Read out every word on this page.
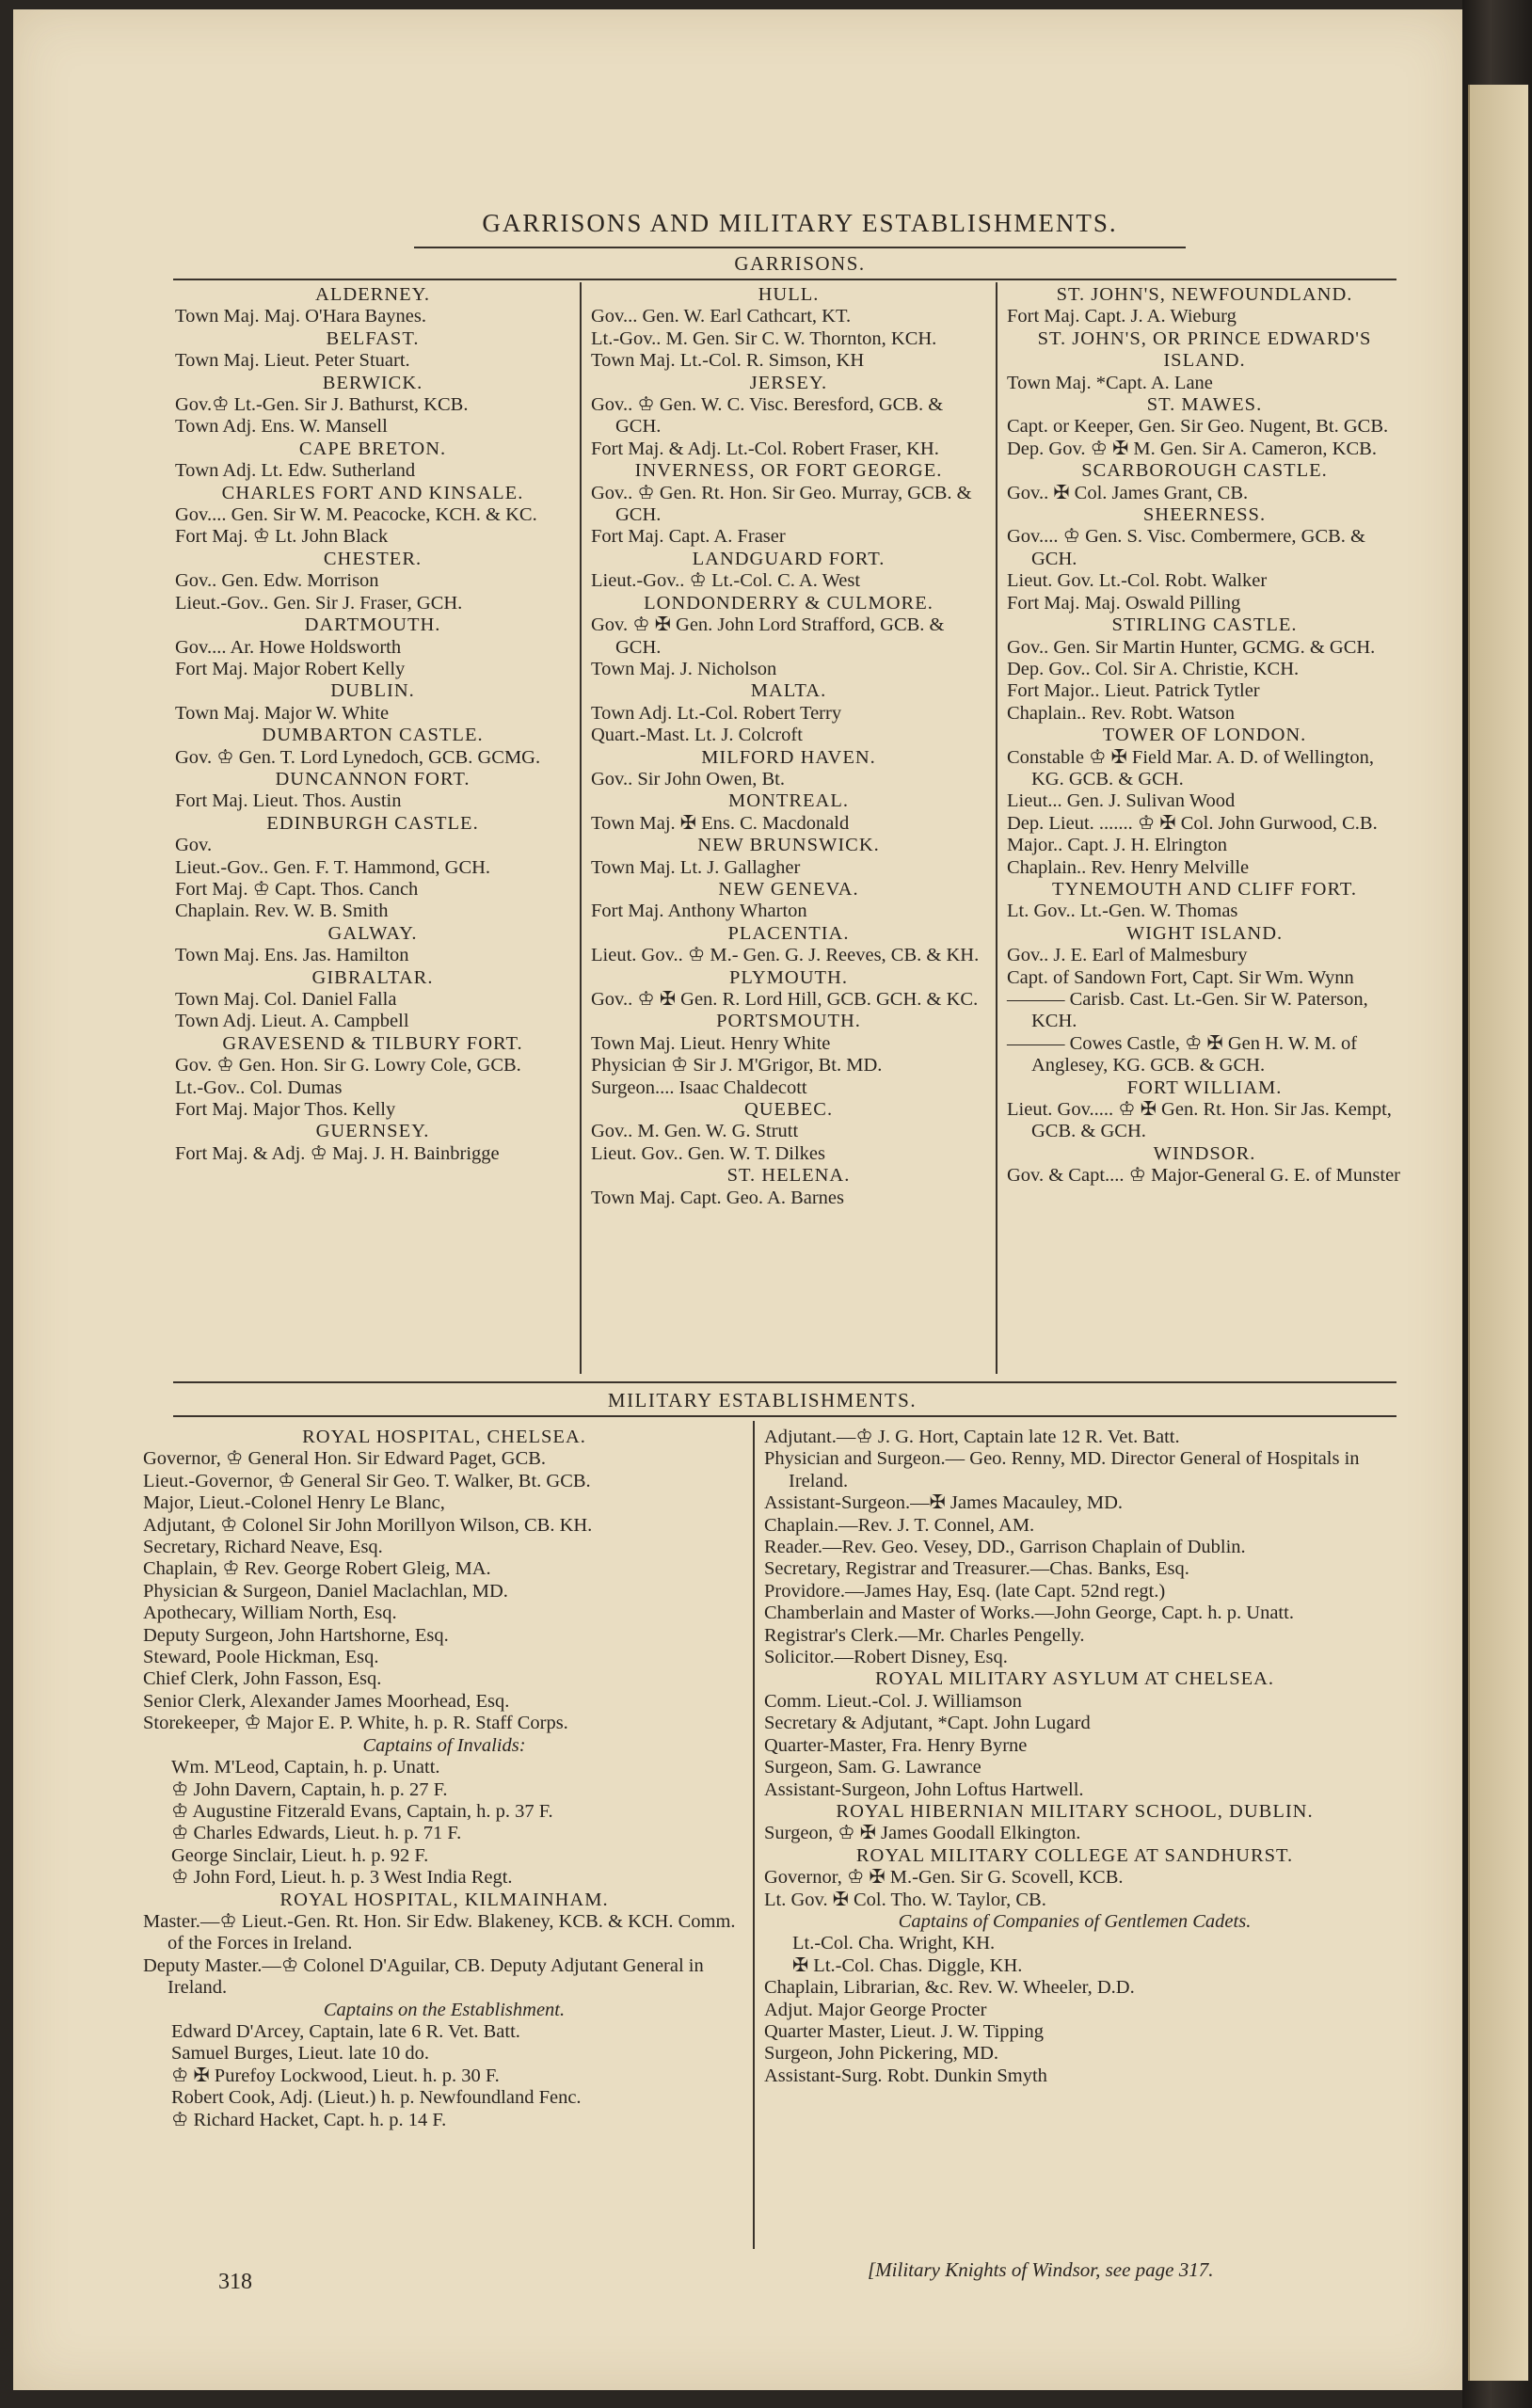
GARRISONS AND MILITARY ESTABLISHMENTS.
GARRISONS.
ALDERNEY.
Town Maj. Maj. O'Hara Baynes.
BELFAST.
Town Maj. Lieut. Peter Stuart.
BERWICK.
Gov.♔ Lt.-Gen. Sir J. Bathurst, KCB.
Town Adj. Ens. W. Mansell
CAPE BRETON.
Town Adj. Lt. Edw. Sutherland
CHARLES FORT AND KINSALE.
Gov.... Gen. Sir W. M. Peacocke, KCH. & KC.
Fort Maj. ♔ Lt. John Black
CHESTER.
Gov.. Gen. Edw. Morrison
Lieut.-Gov.. Gen. Sir J. Fraser, GCH.
DARTMOUTH.
Gov.... Ar. Howe Holdsworth
Fort Maj. Major Robert Kelly
DUBLIN.
Town Maj. Major W. White
DUMBARTON CASTLE.
Gov. ♔ Gen. T. Lord Lynedoch, GCB. GCMG.
DUNCANNON FORT.
Fort Maj. Lieut. Thos. Austin
EDINBURGH CASTLE.
Gov.
Lieut.-Gov.. Gen. F. T. Hammond, GCH.
Fort Maj. ♔ Capt. Thos. Canch
Chaplain. Rev. W. B. Smith
GALWAY.
Town Maj. Ens. Jas. Hamilton
GIBRALTAR.
Town Maj. Col. Daniel Falla
Town Adj. Lieut. A. Campbell
GRAVESEND & TILBURY FORT.
Gov. ♔ Gen. Hon. Sir G. Lowry Cole, GCB.
Lt.-Gov.. Col. Dumas
Fort Maj. Major Thos. Kelly
GUERNSEY.
Fort Maj. & Adj. ♔ Maj. J. H. Bainbrigge
HULL.
Gov... Gen. W. Earl Cathcart, KT.
Lt.-Gov.. M. Gen. Sir C. W. Thornton, KCH.
Town Maj. Lt.-Col. R. Simson, KH
JERSEY.
Gov.. ♔ Gen. W. C. Visc. Beresford, GCB. & GCH.
Fort Maj. & Adj. Lt.-Col. Robert Fraser, KH.
INVERNESS, OR FORT GEORGE.
Gov.. ♔ Gen. Rt. Hon. Sir Geo. Murray, GCB. & GCH.
Fort Maj. Capt. A. Fraser
LANDGUARD FORT.
Lieut.-Gov.. ♔ Lt.-Col. C. A. West
LONDONDERRY & CULMORE.
Gov. ♔ ✠ Gen. John Lord Strafford, GCB. & GCH.
Town Maj. J. Nicholson
MALTA.
Town Adj. Lt.-Col. Robert Terry
Quart.-Mast. Lt. J. Colcroft
MILFORD HAVEN.
Gov.. Sir John Owen, Bt.
MONTREAL.
Town Maj. ✠ Ens. C. Macdonald
NEW BRUNSWICK.
Town Maj. Lt. J. Gallagher
NEW GENEVA.
Fort Maj. Anthony Wharton
PLACENTIA.
Lieut. Gov.. ♔ M.- Gen. G. J. Reeves, CB. & KH.
PLYMOUTH.
Gov.. ♔ ✠ Gen. R. Lord Hill, GCB. GCH. & KC.
PORTSMOUTH.
Town Maj. Lieut. Henry White
Physician ♔ Sir J. M'Grigor, Bt. MD.
Surgeon.... Isaac Chaldecott
QUEBEC.
Gov.. M. Gen. W. G. Strutt
Lieut. Gov.. Gen. W. T. Dilkes
ST. HELENA.
Town Maj. Capt. Geo. A. Barnes
ST. JOHN'S, NEWFOUNDLAND.
Fort Maj. Capt. J. A. Wieburg
ST. JOHN'S, OR PRINCE EDWARD'S ISLAND.
Town Maj. *Capt. A. Lane
ST. MAWES.
Capt. or Keeper, Gen. Sir Geo. Nugent, Bt. GCB.
Dep. Gov. ♔ ✠ M. Gen. Sir A. Cameron, KCB.
SCARBOROUGH CASTLE.
Gov.. ✠ Col. James Grant, CB.
SHEERNESS.
Gov.... ♔ Gen. S. Visc. Combermere, GCB. & GCH.
Lieut. Gov. Lt.-Col. Robt. Walker
Fort Maj. Maj. Oswald Pilling
STIRLING CASTLE.
Gov.. Gen. Sir Martin Hunter, GCMG. & GCH.
Dep. Gov.. Col. Sir A. Christie, KCH.
Fort Major.. Lieut. Patrick Tytler
Chaplain.. Rev. Robt. Watson
TOWER OF LONDON.
Constable ♔ ✠ Field Mar. A. D. of Wellington, KG. GCB. & GCH.
Lieut... Gen. J. Sulivan Wood
Dep. Lieut. ....... ♔ ✠ Col. John Gurwood, C.B.
Major.. Capt. J. H. Elrington
Chaplain.. Rev. Henry Melville
TYNEMOUTH AND CLIFF FORT.
Lt. Gov.. Lt.-Gen. W. Thomas
WIGHT ISLAND.
Gov.. J. E. Earl of Malmesbury
Capt. of Sandown Fort, Capt. Sir Wm. Wynn
——— Carisb. Cast. Lt.-Gen. Sir W. Paterson, KCH.
——— Cowes Castle, ♔ ✠ Gen H. W. M. of Anglesey, KG. GCB. & GCH.
FORT WILLIAM.
Lieut. Gov..... ♔ ✠ Gen. Rt. Hon. Sir Jas. Kempt, GCB. & GCH.
WINDSOR.
Gov. & Capt.... ♔ Major-General G. E. of Munster
MILITARY ESTABLISHMENTS.
ROYAL HOSPITAL, CHELSEA.
Governor, ♔ General Hon. Sir Edward Paget, GCB.
Lieut.-Governor, ♔ General Sir Geo. T. Walker, Bt. GCB.
Major, Lieut.-Colonel Henry Le Blanc,
Adjutant, ♔ Colonel Sir John Morillyon Wilson, CB. KH.
Secretary, Richard Neave, Esq.
Chaplain, ♔ Rev. George Robert Gleig, MA.
Physician & Surgeon, Daniel Maclachlan, MD.
Apothecary, William North, Esq.
Deputy Surgeon, John Hartshorne, Esq.
Steward, Poole Hickman, Esq.
Chief Clerk, John Fasson, Esq.
Senior Clerk, Alexander James Moorhead, Esq.
Storekeeper, ♔ Major E. P. White, h. p. R. Staff Corps.
Captains of Invalids:
Wm. M'Leod, Captain, h. p. Unatt.
♔ John Davern, Captain, h. p. 27 F.
♔ Augustine Fitzerald Evans, Captain, h. p. 37 F.
♔ Charles Edwards, Lieut. h. p. 71 F.
George Sinclair, Lieut. h. p. 92 F.
♔ John Ford, Lieut. h. p. 3 West India Regt.
ROYAL HOSPITAL, KILMAINHAM.
Master.—♔ Lieut.-Gen. Rt. Hon. Sir Edw. Blakeney, KCB. & KCH. Comm. of the Forces in Ireland.
Deputy Master.—♔ Colonel D'Aguilar, CB. Deputy Adjutant General in Ireland.
Captains on the Establishment.
Edward D'Arcey, Captain, late 6 R. Vet. Batt.
Samuel Burges, Lieut. late 10 do.
♔ ✠ Purefoy Lockwood, Lieut. h. p. 30 F.
Robert Cook, Adj. (Lieut.) h. p. Newfoundland Fenc.
♔ Richard Hacket, Capt. h. p. 14 F.
Adjutant.—♔ J. G. Hort, Captain late 12 R. Vet. Batt.
Physician and Surgeon.— Geo. Renny, MD. Director General of Hospitals in Ireland.
Assistant-Surgeon.—✠ James Macauley, MD.
Chaplain.—Rev. J. T. Connel, AM.
Reader.—Rev. Geo. Vesey, DD., Garrison Chaplain of Dublin.
Secretary, Registrar and Treasurer.—Chas. Banks, Esq.
Providore.—James Hay, Esq. (late Capt. 52nd regt.)
Chamberlain and Master of Works.—John George, Capt. h. p. Unatt.
Registrar's Clerk.—Mr. Charles Pengelly.
Solicitor.—Robert Disney, Esq.
ROYAL MILITARY ASYLUM AT CHELSEA.
Comm. Lieut.-Col. J. Williamson
Secretary & Adjutant, *Capt. John Lugard
Quarter-Master, Fra. Henry Byrne
Surgeon, Sam. G. Lawrance
Assistant-Surgeon, John Loftus Hartwell.
ROYAL HIBERNIAN MILITARY SCHOOL, DUBLIN.
Surgeon, ♔ ✠ James Goodall Elkington.
ROYAL MILITARY COLLEGE AT SANDHURST.
Governor, ♔ ✠ M.-Gen. Sir G. Scovell, KCB.
Lt. Gov. ✠ Col. Tho. W. Taylor, CB.
Captains of Companies of Gentlemen Cadets.
Lt.-Col. Cha. Wright, KH.
✠ Lt.-Col. Chas. Diggle, KH.
Chaplain, Librarian, &c. Rev. W. Wheeler, D.D.
Adjut. Major George Procter
Quarter Master, Lieut. J. W. Tipping
Surgeon, John Pickering, MD.
Assistant-Surg. Robt. Dunkin Smyth
318	[Military Knights of Windsor, see page 317.
